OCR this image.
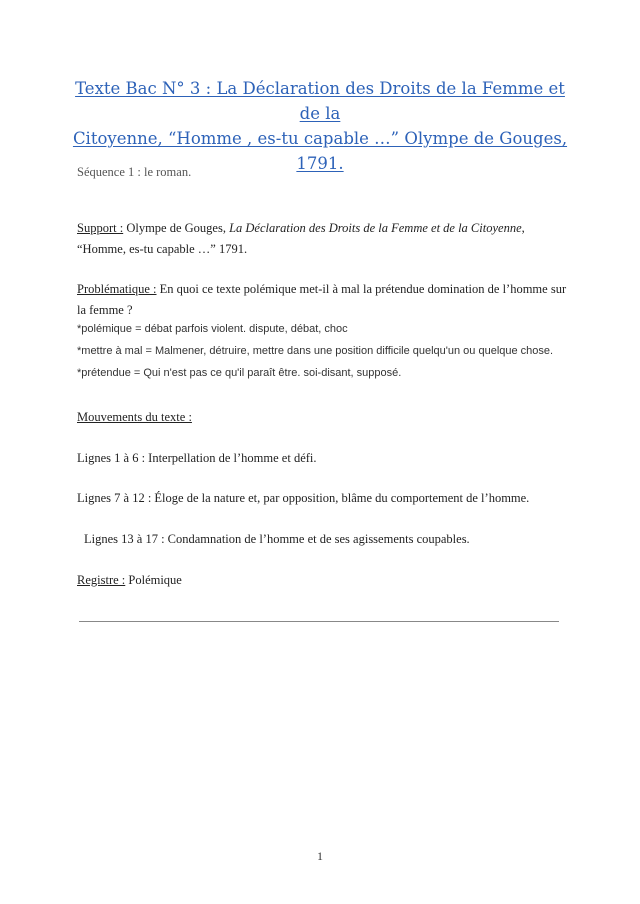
Texte Bac N° 3 : La Déclaration des Droits de la Femme et de la
Citoyenne, “Homme , es-tu capable …” Olympe de Gouges, 1791.
Séquence 1 : le roman.
Support : Olympe de Gouges, La Déclaration des Droits de la Femme et de la Citoyenne, “Homme, es-tu capable …” 1791.
Problématique : En quoi ce texte polémique met-il à mal la prétendue domination de l’homme sur la femme ?
*polémique = débat parfois violent. dispute, débat, choc
*mettre à mal = Malmener, détruire, mettre dans une position difficile quelqu'un ou quelque chose.
*prétendue = Qui n'est pas ce qu'il paraît être. soi-disant, supposé.
Mouvements du texte :
Lignes 1 à 6 : Interpellation de l’homme et défi.
Lignes 7 à 12 : Éloge de la nature et, par opposition, blâme du comportement de l’homme.
Lignes 13 à 17 : Condamnation de l’homme et de ses agissements coupables.
Registre : Polémique
1
